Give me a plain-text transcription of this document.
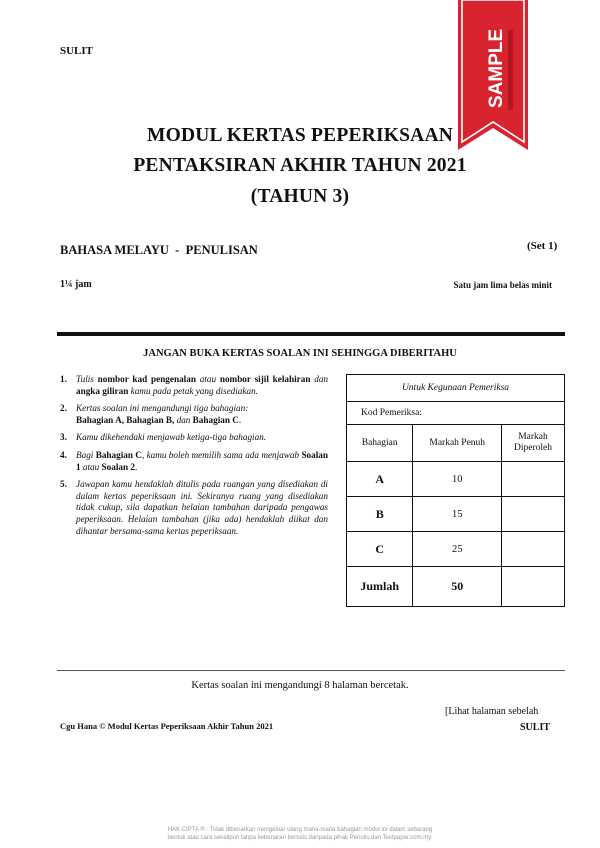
SULIT	SAMPLE
MODUL KERTAS PEPERIKSAAN
PENTAKSIRAN AKHIR TAHUN 2021
(TAHUN 3)
BAHASA MELAYU  -  PENULISAN	(Set 1)
1¼ jam	Satu jam lima belas minit
JANGAN BUKA KERTAS SOALAN INI SEHINGGA DIBERITAHU
1. Tulis nombor kad pengenalan atau nombor sijil kelahiran dan angka giliran kamu pada petak yang disediakan.
2. Kertas soalan ini mengandungi tiga bahagian:
Bahagian A, Bahagian B, dan Bahagian C.
3. Kamu dikehendaki menjawab ketiga-tiga bahagian.
4. Bagi Bahagian C, kamu boleh memilih sama ada menjawab Soalan 1 atau Soalan 2.
5. Jawapan kamu hendaklah ditulis pada ruangan yang disediakan di dalam kertas peperiksaan ini. Sekiranya ruang yang disediakan tidak cukup, sila dapatkan helaian tambahan daripada pengawas peperiksaan. Helaian tambahan (jika ada) hendaklah diikat dan dihantar bersama-sama kertas peperiksaan.
Untuk Kegunaan Pemeriksa		
Kod Pemeriksa:		
Bahagian	Markah Penuh	Markah Diperoleh
A	10	
B	15	
C	25	
Jumlah	50	
Kertas soalan ini mengandungi 8 halaman bercetak.
Cgu Hana © Modul Kertas Peperiksaan Akhir Tahun 2021
[Lihat halaman sebelah
SULIT
HAK CIPTA ® : Tidak dibenarkan mengeluar ulang mana-mana bahagian modul ini dalam sebarang
bentuk atau cara sekalipun tanpa kebenaran bertulis daripada pihak Penulis dan Testpaper.com.my.
